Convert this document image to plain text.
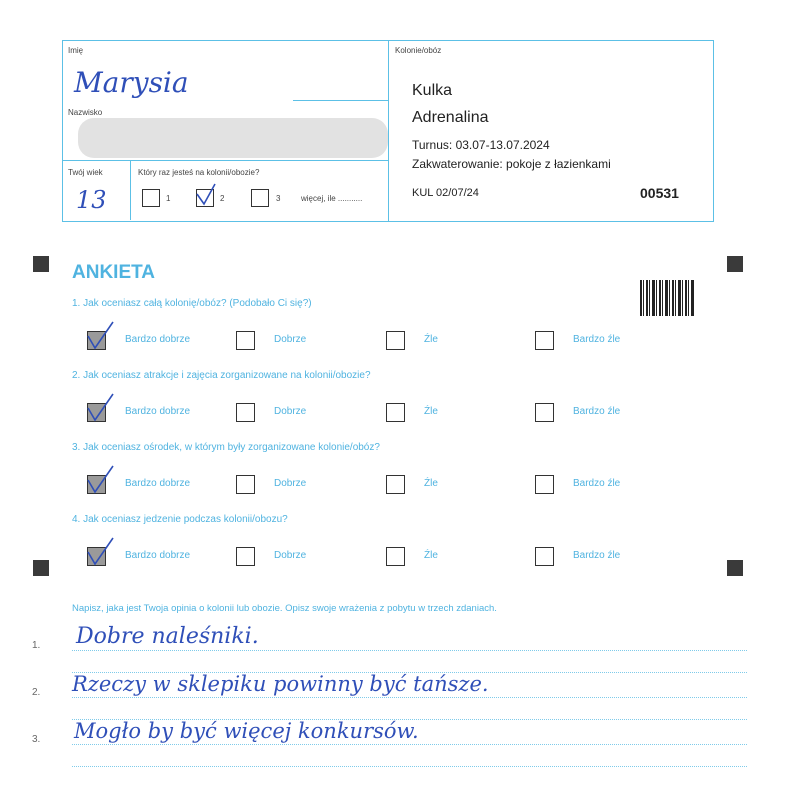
Imię
Marysia
Nazwisko
Twój wiek
13
Który raz jesteś na kolonii/obozie?
1	2	3	więcej, ile ...........
Kolonie/obóz
Kulka
Adrenalina
Turnus: 03.07-13.07.2024
Zakwaterowanie: pokoje z łazienkami
KUL 02/07/24	00531
ANKIETA
1. Jak oceniasz całą kolonię/obóz? (Podobało Ci się?)
Bardzo dobrze	Dobrze	Źle	Bardzo źle
2. Jak oceniasz atrakcje i zajęcia zorganizowane na kolonii/obozie?
Bardzo dobrze	Dobrze	Źle	Bardzo źle
3. Jak oceniasz ośrodek, w którym były zorganizowane kolonie/obóz?
Bardzo dobrze	Dobrze	Źle	Bardzo źle
4. Jak oceniasz jedzenie podczas kolonii/obozu?
Bardzo dobrze	Dobrze	Źle	Bardzo źle
Napisz, jaka jest Twoja opinia o kolonii lub obozie. Opisz swoje wrażenia z pobytu w trzech zdaniach.
1.
2.
3.
Dobre naleśniki.
Rzeczy w sklepiku powinny być tańsze.
Mogło by być więcej konkursów.
